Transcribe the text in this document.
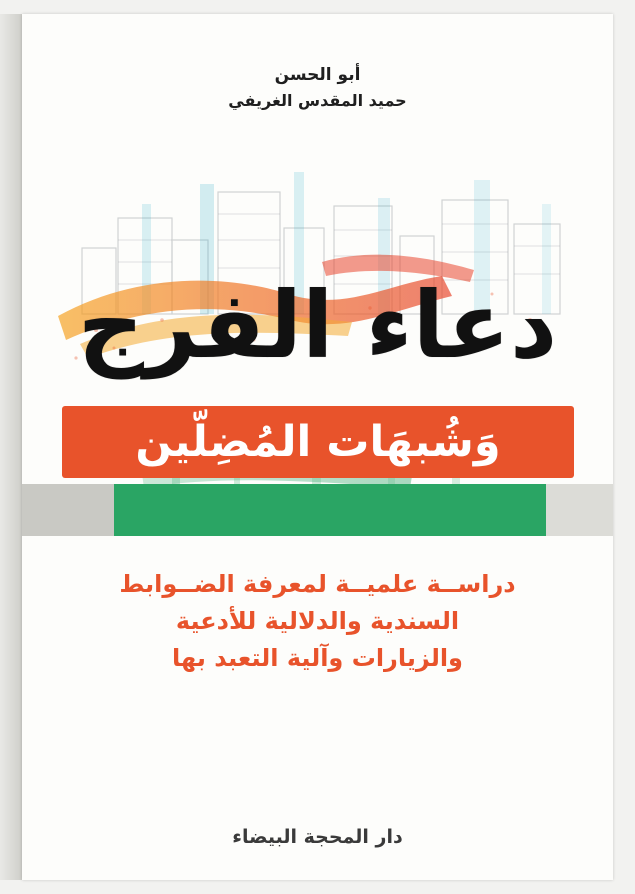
أبو الحسن
حميد المقدس الغريفي
دعاء الفرج
وَشُبهَات المُضِلّين
دراســة علميــة لمعرفة الضــوابط
السندية والدلالية للأدعية
والزيارات وآلية التعبد بها
دار المحجة البيضاء
